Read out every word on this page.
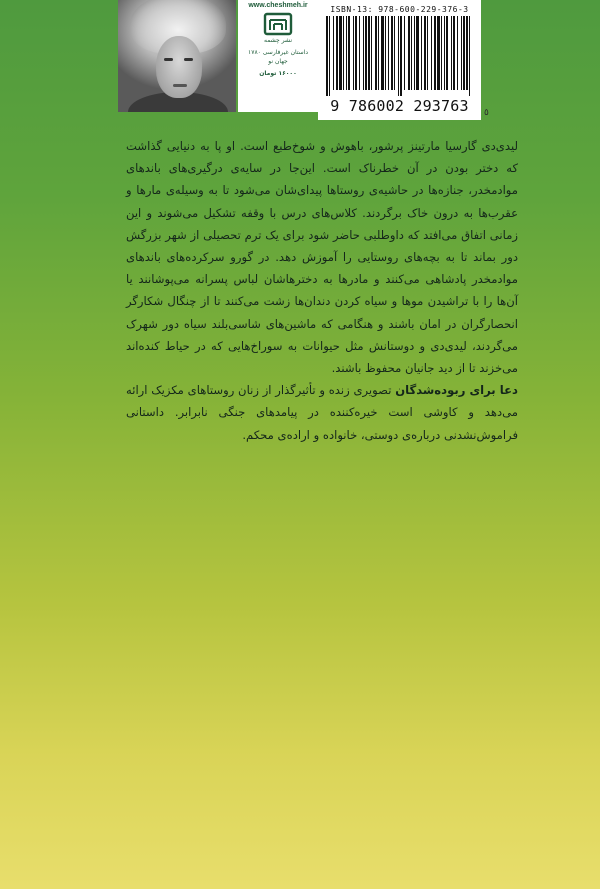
www.cheshmeh.ir
نشر چشمه
داستان غیرفارسی ۱۷۸۰
جهان نو
۱۶۰۰۰ تومان
ISBN-13: 978-600-229-376-3
9 786002 293763	٥

لیدی‌دی گارسیا مارتینز پرشور، باهوش و شوخ‌طبع است. او پا به دنیایی گذاشت که دختر بودن در آن خطرناک است. این‌جا در سایه‌ی درگیری‌های باندهای موادمخدر، جنازه‌ها در حاشیه‌ی روستاها پیدای‌شان می‌شود تا به وسیله‌ی مارها و عقرب‌ها به درون خاک برگردند. کلاس‌های درس با وقفه تشکیل می‌شوند و این زمانی اتفاق می‌افتد که داوطلبی حاضر شود برای یک ترم تحصیلی از شهر بزرگش دور بماند تا به بچه‌های روستایی را آموزش دهد. در گورو سرکرده‌های باندهای موادمخدر پادشاهی می‌کنند و مادرها به دخترهاشان لباس پسرانه می‌پوشانند یا آن‌ها را با تراشیدن موها و سیاه کردن دندان‌ها زشت می‌کنند تا از چنگال شکارگر انحصارگران در امان باشند و هنگامی که ماشین‌های شاسی‌بلند سیاه دور شهرک می‌گردند، لیدی‌دی و دوستانش مثل حیوانات به سوراخ‌هایی که در حیاط کنده‌اند می‌خزند تا از دید جانیان محفوظ باشند.

دعا برای ربوده‌شدگان تصویری زنده و تأثیرگذار از زنان روستاهای مکزیک ارائه می‌دهد و کاوشی است خیره‌کننده در پیامدهای جنگی نابرابر. داستانی فراموش‌نشدنی درباره‌ی دوستی، خانواده و اراده‌ی محکم.
